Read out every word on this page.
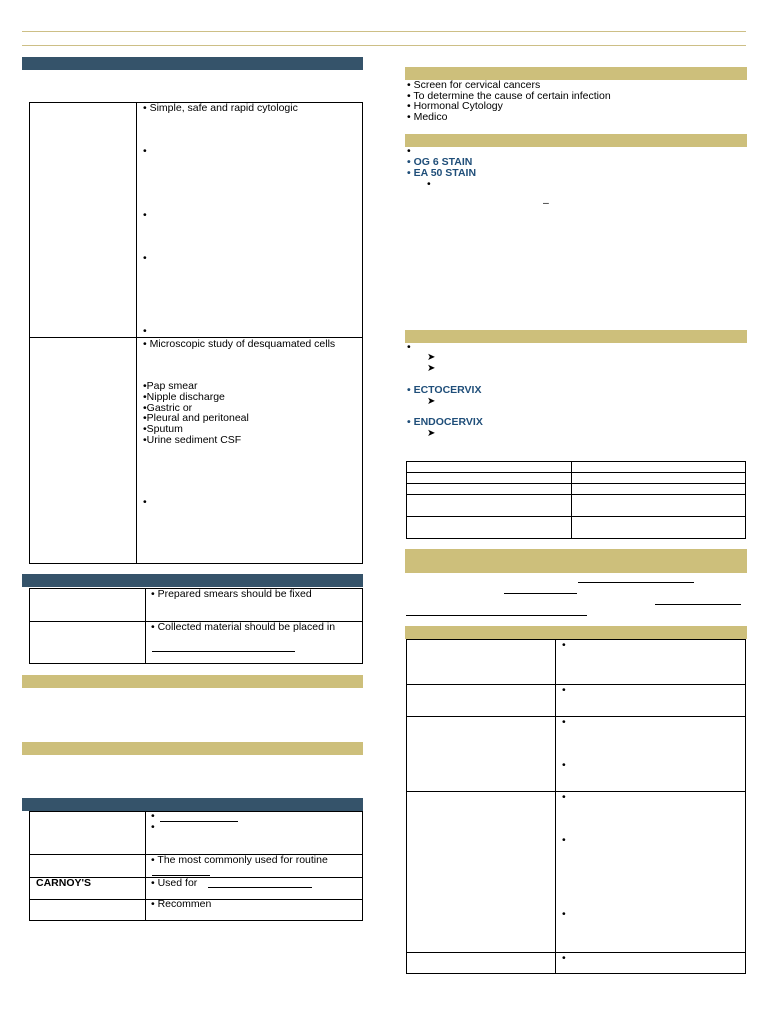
• Simple, safe and rapid cytologic
•
•
•
•
• Microscopic study of desquamated cells
•Pap smear
•Nipple discharge
•Gastric or
•Pleural and peritoneal
•Sputum
•Urine sediment CSF
•
• Prepared smears should be fixed
• Collected material should be placed in
•
•
• The most commonly used for routine
CARNOY'S	• Used for
• Recommen
• Screen for cervical cancers
• To determine the cause of certain infection
• Hormonal Cytology
• Medico
•
• OG 6 STAIN
• EA 50 STAIN
•
–
•
➤
➤
• ECTOCERVIX
➤
• ENDOCERVIX
➤
•
•
•
•
•
•
•
•
